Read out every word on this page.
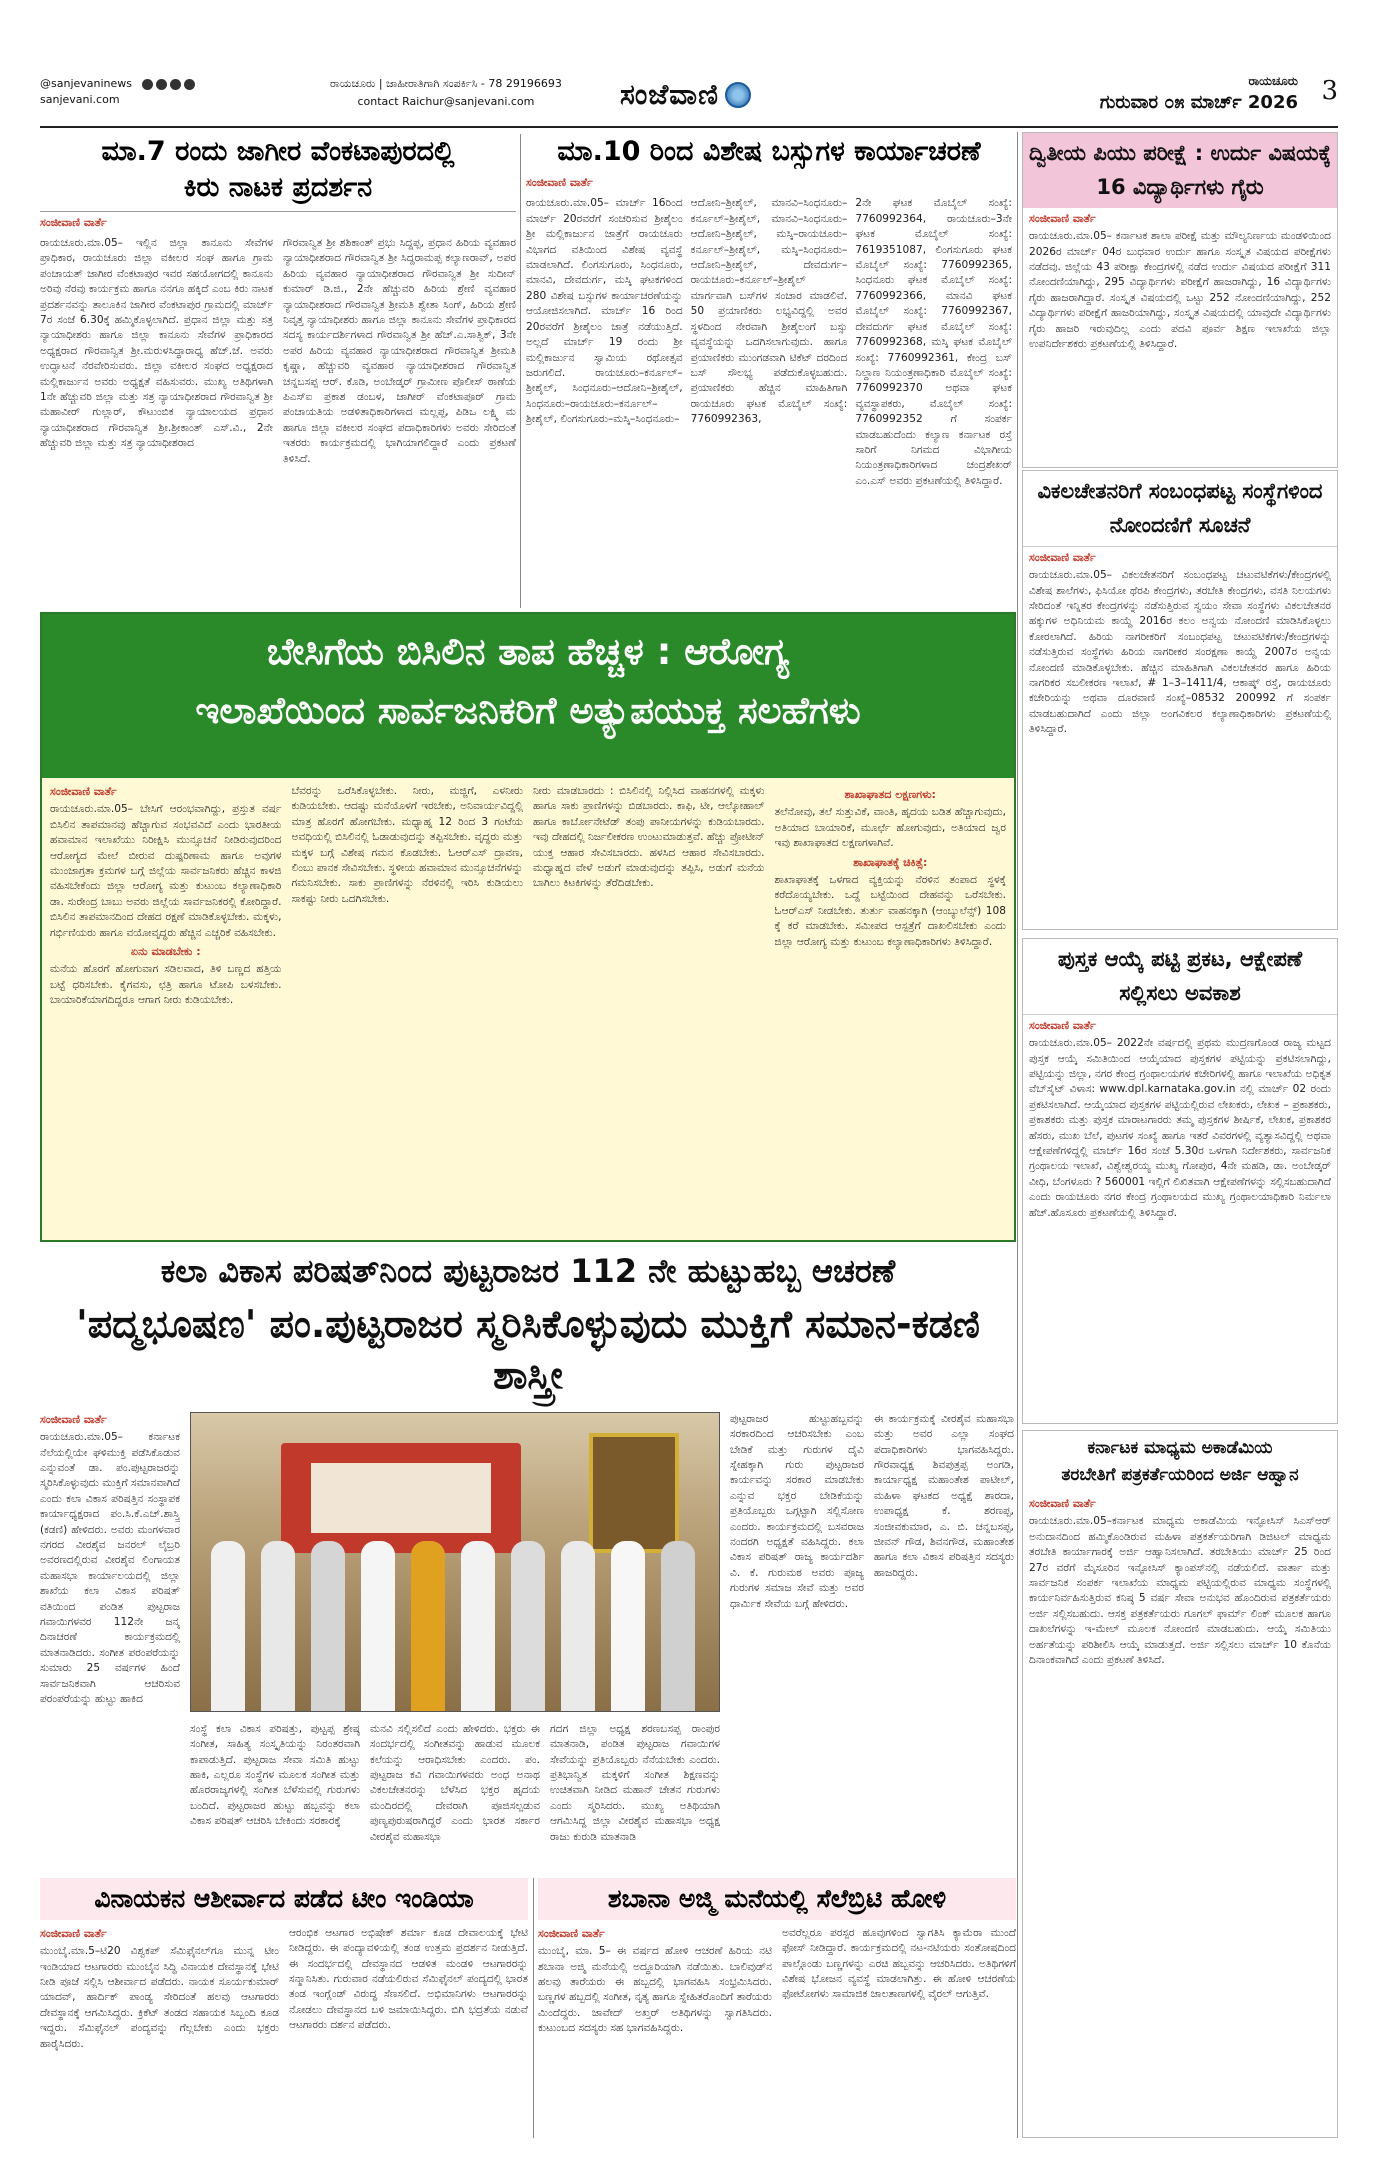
@sanjevaninews
sanjevani.com
ರಾಯಚೂರು | ಜಾಹೀರಾತಿಗಾಗಿ ಸಂಪರ್ಕಿಸಿ - 78 29196693
contact Raichur@sanjevani.com	ಸಂಜೆವಾಣಿ	ರಾಯಚೂರು
ಗುರುವಾರ ೦೫ ಮಾರ್ಚ್ 2026 3
ಮಾ.7 ರಂದು ಜಾಗೀರ ವೆಂಕಟಾಪುರದಲ್ಲಿ
ಕಿರು ನಾಟಕ ಪ್ರದರ್ಶನ
ಸಂಜೀವಾಣಿ ವಾರ್ತೆ
ರಾಯಚೂರು.ಮಾ.05– ಇಲ್ಲಿನ ಜಿಲ್ಲಾ ಕಾನೂನು ಸೇವೆಗಳ ಪ್ರಾಧಿಕಾರ, ರಾಯಚೂರು ಜಿಲ್ಲಾ ವಕೀಲರ ಸಂಘ ಹಾಗೂ ಗ್ರಾಮ ಪಂಚಾಯತ್ ಜಾಗೀರ ವೆಂಕಟಾಪುರ ಇವರ ಸಹಯೋಗದಲ್ಲಿ ಕಾನೂನು ಅರಿವು ನೆರವು ಕಾರ್ಯಕ್ರಮ ಹಾಗೂ ನನಗೂ ಹಕ್ಕಿದೆ ಎಂಬ ಕಿರು ನಾಟಕ ಪ್ರದರ್ಶನವನ್ನು ತಾಲೂಕಿನ ಜಾಗೀರ ವೆಂಕಟಾಪುರ ಗ್ರಾಮದಲ್ಲಿ ಮಾರ್ಚ್ 7ರ ಸಂಜೆ 6.30ಕ್ಕೆ ಹಮ್ಮಿಕೊಳ್ಳಲಾಗಿದೆ. ಪ್ರಧಾನ ಜಿಲ್ಲಾ ಮತ್ತು ಸತ್ರ ನ್ಯಾಯಾಧೀಶರು ಹಾಗೂ ಜಿಲ್ಲಾ ಕಾನೂನು ಸೇವೆಗಳ ಪ್ರಾಧಿಕಾರದ ಅಧ್ಯಕ್ಷರಾದ ಗೌರವಾನ್ವಿತ ಶ್ರೀ.ಮರುಳಸಿದ್ಧಾರಾಧ್ಯ ಹೆಚ್.ಜೆ. ಅವರು ಉದ್ಘಾಟನೆ ನೆರವೇರಿಸುವರು. ಜಿಲ್ಲಾ ವಕೀಲರ ಸಂಘದ ಅಧ್ಯಕ್ಷರಾದ ಮಲ್ಲಿಕಾರ್ಜುನ ಅವರು ಅಧ್ಯಕ್ಷತೆ ವಹಿಸುವರು. ಮುಖ್ಯ ಅತಿಥಿಗಳಾಗಿ 1ನೇ ಹೆಚ್ಚುವರಿ ಜಿಲ್ಲಾ ಮತ್ತು ಸತ್ರ ನ್ಯಾಯಾಧೀಶರಾದ ಗೌರವಾನ್ವಿತ ಶ್ರೀ ಮಹಾವೀರ್ ಗುಲ್ಲಾರ್, ಕೌಟುಂಬಿಕ ನ್ಯಾಯಾಲಯದ ಪ್ರಧಾನ ನ್ಯಾಯಾಧೀಶರಾದ ಗೌರವಾನ್ವಿತ ಶ್ರೀ.ಶ್ರೀಕಾಂತ್ ಎಸ್.ವಿ., 2ನೇ ಹೆಚ್ಚುವರಿ ಜಿಲ್ಲಾ ಮತ್ತು ಸತ್ರ ನ್ಯಾಯಾಧೀಶರಾದ
ಗೌರವಾನ್ವಿತ ಶ್ರೀ ಶಶಿಕಾಂತ್ ಪ್ರಭು ಸಿದ್ದಪ್ಪ, ಪ್ರಧಾನ ಹಿರಿಯ ವ್ಯವಹಾರ ನ್ಯಾಯಾಧೀಶರಾದ ಗೌರವಾನ್ವಿತ ಶ್ರೀ ಸಿದ್ದರಾಮಪ್ಪ ಕಲ್ಯಾಣರಾವ್, ಅಪರ ಹಿರಿಯ ವ್ಯವಹಾರ ನ್ಯಾಯಾಧೀಶರಾದ ಗೌರವಾನ್ವಿತ ಶ್ರೀ ಸುದೀನ್ ಕುಮಾರ್ ಡಿ.ಜಿ., 2ನೇ ಹೆಚ್ಚುವರಿ ಹಿರಿಯ ಶ್ರೇಣಿ ವ್ಯವಹಾರ ನ್ಯಾಯಾಧೀಶರಾದ ಗೌರವಾನ್ವಿತ ಶ್ರೀಮತಿ ಶ್ವೇತಾ ಸಿಂಗ್, ಹಿರಿಯ ಶ್ರೇಣಿ ನಿವೃತ್ತ ನ್ಯಾಯಾಧೀಶರು ಹಾಗೂ ಜಿಲ್ಲಾ ಕಾನೂನು ಸೇವೆಗಳ ಪ್ರಾಧಿಕಾರದ ಸದಸ್ಯ ಕಾರ್ಯದರ್ಶಿಗಳಾದ ಗೌರವಾನ್ವಿತ ಶ್ರೀ ಹೆಚ್.ಎ.ಸಾತ್ವಿಕ್, 3ನೇ ಅಪರ ಹಿರಿಯ ವ್ಯವಹಾರ ನ್ಯಾಯಾಧೀಶರಾದ ಗೌರವಾನ್ವಿತ ಶ್ರೀಮತಿ ಕೃಷ್ಣಾ, ಹೆಚ್ಚುವರಿ ವ್ಯವಹಾರ ನ್ಯಾಯಾಧೀಶರಾದ ಗೌರವಾನ್ವಿತ ಚನ್ನಬಸಪ್ಪ ಆರ್. ಕೊಡಿ, ಅಂಬೇಡ್ಕರ್ ಗ್ರಾಮೀಣ ಪೊಲೀಸ್ ಠಾಣೆಯ ಪಿಎಸ್ಐ ಪ್ರಕಾಶ ಡಂಬಳ, ಜಾಗೀರ್ ವೆಂಕಟಾಪೂರ್ ಗ್ರಾಮ ಪಂಚಾಯತಿಯ ಅಡಳಿತಾಧಿಕಾರಿಗಳಾದ ಮಲ್ಲಪ್ಪ, ಪಿಡಿಒ ಲಕ್ಷ್ಮಿ ಮ ಹಾಗೂ ಜಿಲ್ಲಾ ವಕೀಲರ ಸಂಘದ ಪದಾಧಿಕಾರಿಗಳು ಅವರು ಸೇರಿದಂತೆ ಇತರರು ಕಾರ್ಯಕ್ರಮದಲ್ಲಿ ಭಾಗಿಯಾಗಲಿದ್ದಾರೆ ಎಂದು ಪ್ರಕಟಣೆ ತಿಳಿಸಿದೆ.
ಮಾ.10 ರಿಂದ ವಿಶೇಷ ಬಸ್ಸುಗಳ ಕಾರ್ಯಾಚರಣೆ
ಸಂಜೀವಾಣಿ ವಾರ್ತೆ
ರಾಯಚೂರು.ಮಾ.05– ಮಾರ್ಚ್ 16ರಿಂದ ಮಾರ್ಚ್ 20ರವರೆಗೆ ಸಂಚರಿಸುವ ಶ್ರೀಶೈಲಂ ಶ್ರೀ ಮಲ್ಲಿಕಾರ್ಜುನ ಜಾತ್ರೆಗೆ ರಾಯಚೂರು ವಿಭಾಗದ ವತಿಯಿಂದ ವಿಶೇಷ ವ್ಯವಸ್ಥೆ ಮಾಡಲಾಗಿದೆ. ಲಿಂಗಸುಗೂರು, ಸಿಂಧನೂರು, ಮಾನವಿ, ದೇವದುರ್ಗ, ಮಸ್ಕಿ ಘಟಕಗಳಿಂದ 280 ವಿಶೇಷ ಬಸ್ಸುಗಳ ಕಾರ್ಯಾಚರಣೆಯನ್ನು ಆಯೋಜಿಸಲಾಗಿದೆ. ಮಾರ್ಚ್ 16 ರಿಂದ 20ರವರೆಗೆ ಶ್ರೀಶೈಲಂ ಜಾತ್ರೆ ನಡೆಯುತ್ತಿದೆ. ಅಲ್ಲದೆ ಮಾರ್ಚ್ 19 ರಂದು ಶ್ರೀ ಮಲ್ಲಿಕಾರ್ಜುನ ಸ್ವಾಮಿಯ ರಥೋತ್ಸವ ಜರುಗಲಿದೆ. ರಾಯಚೂರು–ಕರ್ನೂಲ್–ಶ್ರೀಶೈಲ್, ಸಿಂಧನೂರು–ಆದೋನಿ–ಶ್ರೀಶೈಲ್, ಸಿಂಧನೂರು–ರಾಯಚೂರು–ಕರ್ನೂಲ್–ಶ್ರೀಶೈಲ್, ಲಿಂಗಸುಗೂರು–ಮಸ್ಕಿ–ಸಿಂಧನೂರು–
ಆದೋನಿ–ಶ್ರೀಶೈಲ್, ಮಾನವಿ–ಸಿಂಧನೂರು–ಕರ್ನೂಲ್–ಶ್ರೀಶೈಲ್, ಮಾನವಿ–ಸಿಂಧನೂರು–ಆದೋನಿ–ಶ್ರೀಶೈಲ್, ಮಸ್ಕಿ–ರಾಯಚೂರು–ಕರ್ನೂಲ್–ಶ್ರೀಶೈಲ್, ಮಸ್ಕಿ–ಸಿಂಧನೂರು–ಆದೋನಿ–ಶ್ರೀಶೈಲ್, ದೇವದುರ್ಗ–ರಾಯಚೂರು–ಕರ್ನೂಲ್–ಶ್ರೀಶೈಲ್ ಮಾರ್ಗವಾಗಿ ಬಸ್‌ಗಳ ಸಂಚಾರ ಮಾಡಲಿವೆ. 50 ಪ್ರಯಾಣಿಕರು ಲಭ್ಯವಿದ್ದಲ್ಲಿ ಅವರ ಸ್ಥಳದಿಂದ ನೇರವಾಗಿ ಶ್ರೀಶೈಲಂಗೆ ಬಸ್ಸು ವ್ಯವಸ್ಥೆಯನ್ನು ಒದಗಿಸಲಾಗುವುದು. ಹಾಗೂ ಪ್ರಯಾಣಿಕರು ಮುಂಗಡವಾಗಿ ಟಿಕೆಟ್ ದರದಿಂದ ಬಸ್ ಸೌಲಭ್ಯ ಪಡೆದುಕೊಳ್ಳಬಹುದು. ಪ್ರಯಾಣಿಕರು ಹೆಚ್ಚಿನ ಮಾಹಿತಿಗಾಗಿ ರಾಯಚೂರು ಘಟಕ ಮೊಬೈಲ್ ಸಂಖ್ಯೆ: 7760992363,
2ನೇ ಘಟಕ ಮೊಬೈಲ್ ಸಂಖ್ಯೆ: 7760992364, ರಾಯಚೂರು–3ನೇ ಘಟಕ ಮೊಬೈಲ್ ಸಂಖ್ಯೆ: 7619351087, ಲಿಂಗಸುಗೂರು ಘಟಕ ಮೊಬೈಲ್ ಸಂಖ್ಯೆ: 7760992365, ಸಿಂಧನೂರು ಘಟಕ ಮೊಬೈಲ್ ಸಂಖ್ಯೆ: 7760992366, ಮಾನವಿ ಘಟಕ ಮೊಬೈಲ್ ಸಂಖ್ಯೆ: 7760992367, ದೇವದುರ್ಗ ಘಟಕ ಮೊಬೈಲ್ ಸಂಖ್ಯೆ: 7760992368, ಮಸ್ಕಿ ಘಟಕ ಮೊಬೈಲ್ ಸಂಖ್ಯೆ: 7760992361, ಕೇಂದ್ರ ಬಸ್ ನಿಲ್ದಾಣ ನಿಯಂತ್ರಣಾಧಿಕಾರಿ ಮೊಬೈಲ್ ಸಂಖ್ಯೆ: 7760992370 ಅಥವಾ ಘಟಕ ವ್ಯವಸ್ಥಾಪಕರು, ಮೊಬೈಲ್ ಸಂಖ್ಯೆ: 7760992352 ಗೆ ಸಂಪರ್ಕ ಮಾಡಬಹುದೆಂದು ಕಲ್ಯಾಣ ಕರ್ನಾಟಕ ರಸ್ತೆ ಸಾರಿಗೆ ನಿಗಮದ ವಿಭಾಗೀಯ ನಿಯಂತ್ರಣಾಧಿಕಾರಿಗಳಾದ ಚಂದ್ರಶೇಖರ್ ಎಂ.ಎಸ್ ಅವರು ಪ್ರಕಟಣೆಯಲ್ಲಿ ತಿಳಿಸಿದ್ದಾರೆ.
ದ್ವಿತೀಯ ಪಿಯು ಪರೀಕ್ಷೆ : ಉರ್ದು ವಿಷಯಕ್ಕೆ 16 ವಿದ್ಯಾರ್ಥಿಗಳು ಗೈರು
ಸಂಜೀವಾಣಿ ವಾರ್ತೆ
ರಾಯಚೂರು.ಮಾ.05– ಕರ್ನಾಟಕ ಶಾಲಾ ಪರೀಕ್ಷೆ ಮತ್ತು ಮೌಲ್ಯನಿರ್ಣಯ ಮಂಡಳಿಯಿಂದ 2026ರ ಮಾರ್ಚ್ 04ರ ಬುಧವಾರ ಉರ್ದು ಹಾಗೂ ಸಂಸ್ಕೃತ ವಿಷಯದ ಪರೀಕ್ಷೆಗಳು ನಡೆದವು. ಜಿಲ್ಲೆಯ 43 ಪರೀಕ್ಷಾ ಕೇಂದ್ರಗಳಲ್ಲಿ ನಡೆದ ಉರ್ದು ವಿಷಯದ ಪರೀಕ್ಷೆಗೆ 311 ನೋಂದಣಿಯಾಗಿದ್ದು, 295 ವಿದ್ಯಾರ್ಥಿಗಳು ಪರೀಕ್ಷೆಗೆ ಹಾಜರಾಗಿದ್ದು, 16 ವಿದ್ಯಾರ್ಥಿಗಳು ಗೈರು ಹಾಜರಾಗಿದ್ದಾರೆ. ಸಂಸ್ಕೃತ ವಿಷಯದಲ್ಲಿ ಒಟ್ಟು 252 ನೋಂದಣಿಯಾಗಿದ್ದು, 252 ವಿದ್ಯಾರ್ಥಿಗಳು ಪರೀಕ್ಷೆಗೆ ಹಾಜರಿಯಾಗಿದ್ದು, ಸಂಸ್ಕೃತ ವಿಷಯದಲ್ಲಿ ಯಾವುದೇ ವಿದ್ಯಾರ್ಥಿಗಳು ಗೈರು ಹಾಜರಿ ಇರುವುದಿಲ್ಲ ಎಂದು ಪದವಿ ಪೂರ್ವ ಶಿಕ್ಷಣ ಇಲಾಖೆಯ ಜಿಲ್ಲಾ ಉಪನಿರ್ದೇಶಕರು ಪ್ರಕಟಣೆಯಲ್ಲಿ ತಿಳಿಸಿದ್ದಾರೆ.
ವಿಕಲಚೇತನರಿಗೆ ಸಂಬಂಧಪಟ್ಟ ಸಂಸ್ಥೆಗಳಿಂದ ನೋಂದಣಿಗೆ ಸೂಚನೆ
ಸಂಜೀವಾಣಿ ವಾರ್ತೆ
ರಾಯಚೂರು.ಮಾ.05– ವಿಕಲಚೇತನರಿಗೆ ಸಂಬಂಧಪಟ್ಟ ಚಟುವಟಿಕೆಗಳು/ಕೇಂದ್ರಗಳಲ್ಲಿ ವಿಶೇಷ ಶಾಲೆಗಳು, ಫಿಸಿಯೋ ಥೆರಪಿ ಕೇಂದ್ರಗಳು, ತರಬೇತಿ ಕೇಂದ್ರಗಳು, ವಸತಿ ನಿಲಯಗಳು ಸೇರಿದಂತೆ ಇನ್ನಿತರ ಕೇಂದ್ರಗಳನ್ನು ನಡೆಸುತ್ತಿರುವ ಸ್ವಯಂ ಸೇವಾ ಸಂಸ್ಥೆಗಳು ವಿಕಲಚೇತನರ ಹಕ್ಕುಗಳ ಅಧಿನಿಯಮ ಕಾಯ್ದೆ 2016ರ ಕಲಂ ಅನ್ವಯ ನೋಂದಣಿ ಮಾಡಿಸಿಕೊಳ್ಳಲು ಕೋರಲಾಗಿದೆ. ಹಿರಿಯ ನಾಗರೀಕರಿಗೆ ಸಂಬಂಧಪಟ್ಟ ಚಟುವಟಿಕೆಗಳು/ಕೇಂದ್ರಗಳನ್ನು ನಡೆಸುತ್ತಿರುವ ಸಂಸ್ಥೆಗಳು ಹಿರಿಯ ನಾಗರೀಕರ ಸಂರಕ್ಷಣಾ ಕಾಯ್ದೆ 2007ರ ಅನ್ವಯ ನೋಂದಣಿ ಮಾಡಿಕೊಳ್ಳಬೇಕು. ಹೆಚ್ಚಿನ ಮಾಹಿತಿಗಾಗಿ ವಿಕಲಚೇತನರ ಹಾಗೂ ಹಿರಿಯ ನಾಗರಿಕರ ಸಬಲೀಕರಣ ಇಲಾಖೆ, # 1–3–1411/4, ಆಕಾಷ್ಕ್ ರಸ್ತೆ, ರಾಯಚೂರು ಕಚೇರಿಯನ್ನು ಅಥವಾ ದೂರವಾಣಿ ಸಂಖ್ಯೆ–08532 200992 ಗೆ ಸಂಪರ್ಕ ಮಾಡಬಹುದಾಗಿದೆ ಎಂದು ಜಿಲ್ಲಾ ಅಂಗವಿಕಲರ ಕಲ್ಯಾಣಾಧಿಕಾರಿಗಳು ಪ್ರಕಟಣೆಯಲ್ಲಿ ತಿಳಿಸಿದ್ದಾರೆ.
ಪುಸ್ತಕ ಆಯ್ಕೆ ಪಟ್ಟಿ ಪ್ರಕಟ, ಆಕ್ಷೇಪಣೆ ಸಲ್ಲಿಸಲು ಅವಕಾಶ
ಸಂಜೀವಾಣಿ ವಾರ್ತೆ
ರಾಯಚೂರು.ಮಾ.05– 2022ನೇ ವರ್ಷದಲ್ಲಿ ಪ್ರಥಮ ಮುದ್ರಣಗೊಂಡ ರಾಜ್ಯ ಮಟ್ಟದ ಪುಸ್ತಕ ಆಯ್ಕೆ ಸಮಿತಿಯಿಂದ ಆಯ್ಕೆಯಾದ ಪುಸ್ತಕಗಳ ಪಟ್ಟಿಯನ್ನು ಪ್ರಕಟಿಸಲಾಗಿದ್ದು, ಪಟ್ಟಿಯನ್ನು ಜಿಲ್ಲಾ, ನಗರ ಕೇಂದ್ರ ಗ್ರಂಥಾಲಯಗಳ ಕಚೇರಿಗಳಲ್ಲಿ ಹಾಗೂ ಇಲಾಖೆಯ ಅಧಿಕೃತ ವೆಬ್‌ಸೈಟ್ ವಿಳಾಸ: www.dpl.karnataka.gov.in ನಲ್ಲಿ ಮಾರ್ಚ್ 02 ರಂದು ಪ್ರಕಟಿಸಲಾಗಿದೆ. ಆಯ್ಕೆಯಾದ ಪುಸ್ತಕಗಳ ಪಟ್ಟಿಯಲ್ಲಿರುವ ಲೇಖಕರು, ಲೇಖಕ – ಪ್ರಕಾಶಕರು, ಪ್ರಕಾಶಕರು ಮತ್ತು ಪುಸ್ತಕ ಮಾರಾಟಗಾರರು ತಮ್ಮ ಪುಸ್ತಕಗಳ ಶೀರ್ಷಿಕೆ, ಲೇಖಕ, ಪ್ರಕಾಶಕರ ಹೆಸರು, ಮುಖ ಬೆಲೆ, ಪುಟಗಳ ಸಂಖ್ಯೆ ಹಾಗೂ ಇತರೆ ವಿವರಗಳಲ್ಲಿ ವ್ಯತ್ಯಾಸವಿದ್ದಲ್ಲಿ ಅಥವಾ ಆಕ್ಷೇಪಣೆಗಳಿದ್ದಲ್ಲಿ ಮಾರ್ಚ್ 16ರ ಸಂಜೆ 5.30ರ ಒಳಗಾಗಿ ನಿರ್ದೇಶಕರು, ಸಾರ್ವಜನಿಕ ಗ್ರಂಥಾಲಯ ಇಲಾಖೆ, ವಿಶ್ವೇಶ್ವರಯ್ಯ ಮುಖ್ಯ ಗೋಪುರ, 4ನೇ ಮಹಡಿ, ಡಾ. ಅಂಬೇಡ್ಕರ್ ವೀಧಿ, ಬೆಂಗಳೂರು ? 560001 ಇಲ್ಲಿಗೆ ಲಿಖಿತವಾಗಿ ಆಕ್ಷೇಪಣೆಗಳನ್ನು ಸಲ್ಲಿಸಬಹುದಾಗಿದೆ ಎಂದು ರಾಯಚೂರು ನಗರ ಕೇಂದ್ರ ಗ್ರಂಥಾಲಯದ ಮುಖ್ಯ ಗ್ರಂಥಾಲಯಾಧಿಕಾರಿ ನಿರ್ಮಲಾ ಹೆಚ್.ಹೊಸೂರು ಪ್ರಕಟಣೆಯಲ್ಲಿ ತಿಳಿಸಿದ್ದಾರೆ.
ಕರ್ನಾಟಕ ಮಾಧ್ಯಮ ಅಕಾಡೆಮಿಯ
ತರಬೇತಿಗೆ ಪತ್ರಕರ್ತೆಯರಿಂದ ಅರ್ಜಿ ಆಹ್ವಾನ
ಸಂಜೀವಾಣಿ ವಾರ್ತೆ
ರಾಯಚೂರು.ಮಾ.05–ಕರ್ನಾಟಕ ಮಾಧ್ಯಮ ಅಕಾಡೆಮಿಯ ಇನ್ಫೋಸಿಸ್ ಸಿಎಸ್ಆರ್ ಅನುದಾನದಿಂದ ಹಮ್ಮಿಕೊಂಡಿರುವ ಮಹಿಳಾ ಪತ್ರಕರ್ತೆಯರಿಗಾಗಿ ಡಿಜಿಟಲ್ ಮಾಧ್ಯಮ ತರಬೇತಿ ಕಾರ್ಯಾಗಾರಕ್ಕೆ ಅರ್ಜಿ ಆಹ್ವಾನಿಸಲಾಗಿದೆ. ತರಬೇತಿಯು ಮಾರ್ಚ್ 25 ರಿಂದ 27ರ ವರೆಗೆ ಮೈಸೂರಿನ ಇನ್ಫೋಸಿಸ್ ಕ್ಯಾಂಪಸ್‌ನಲ್ಲಿ ನಡೆಯಲಿದೆ. ವಾರ್ತಾ ಮತ್ತು ಸಾರ್ವಜನಿಕ ಸಂಪರ್ಕ ಇಲಾಖೆಯ ಮಾಧ್ಯಮ ಪಟ್ಟಿಯಲ್ಲಿರುವ ಮಾಧ್ಯಮ ಸಂಸ್ಥೆಗಳಲ್ಲಿ ಕಾರ್ಯನಿರ್ವಹಿಸುತ್ತಿರುವ ಕನಿಷ್ಠ 5 ವರ್ಷ ಸೇವಾ ಅನುಭವ ಹೊಂದಿರುವ ಪತ್ರಕರ್ತೆಯರು ಅರ್ಜಿ ಸಲ್ಲಿಸಬಹುದು. ಆಸಕ್ತ ಪತ್ರಕರ್ತೆಯರು ಗೂಗಲ್ ಫಾರ್ಮ್ ಲಿಂಕ್ ಮೂಲಕ ಹಾಗೂ ದಾಖಲೆಗಳನ್ನು ಇ-ಮೇಲ್ ಮೂಲಕ ನೋಂದಣಿ ಮಾಡಬಹುದು. ಆಯ್ಕೆ ಸಮಿತಿಯು ಅರ್ಹತೆಯನ್ನು ಪರಿಶೀಲಿಸಿ ಆಯ್ಕೆ ಮಾಡುತ್ತದೆ. ಅರ್ಜಿ ಸಲ್ಲಿಸಲು ಮಾರ್ಚ್ 10 ಕೊನೆಯ ದಿನಾಂಕವಾಗಿದೆ ಎಂದು ಪ್ರಕಟಣೆ ತಿಳಿಸಿದೆ.
ಬೇಸಿಗೆಯ ಬಿಸಿಲಿನ ತಾಪ ಹೆಚ್ಚಳ : ಆರೋಗ್ಯ
ಇಲಾಖೆಯಿಂದ ಸಾರ್ವಜನಿಕರಿಗೆ ಅತ್ಯುಪಯುಕ್ತ ಸಲಹೆಗಳು
ಸಂಜೀವಾಣಿ ವಾರ್ತೆ
ರಾಯಚೂರು.ಮಾ.05– ಬೇಸಿಗೆ ಆರಂಭವಾಗಿದ್ದು, ಪ್ರಸ್ತುತ ವರ್ಷ ಬಿಸಿಲಿನ ತಾಪಮಾನವು ಹೆಚ್ಚಾಗುವ ಸಂಭವವಿದೆ ಎಂದು ಭಾರತೀಯ ಹವಾಮಾನ ಇಲಾಖೆಯು ನಿರೀಕ್ಷಿಸಿ ಮುನ್ಸೂಚನೆ ನೀಡಿರುವುದರಿಂದ ಆರೋಗ್ಯದ ಮೇಲೆ ಬೀರುವ ದುಷ್ಪರಿಣಾಮ ಹಾಗೂ ಅವುಗಳ ಮುಂಜಾಗ್ರತಾ ಕ್ರಮಗಳ ಬಗ್ಗೆ ಜಿಲ್ಲೆಯ ಸಾರ್ವಜನಿಕರು ಹೆಚ್ಚಿನ ಕಾಳಜಿ ವಹಿಸಬೇಕೆಂದು ಜಿಲ್ಲಾ ಆರೋಗ್ಯ ಮತ್ತು ಕುಟುಂಬ ಕಲ್ಯಾಣಾಧಿಕಾರಿ ಡಾ. ಸುರೇಂದ್ರ ಬಾಬು ಅವರು ಜಿಲ್ಲೆಯ ಸಾರ್ವಜನಿಕರಲ್ಲಿ ಕೋರಿದ್ದಾರೆ. ಬಿಸಿಲಿನ ತಾಪಮಾನದಿಂದ ದೇಹದ ರಕ್ಷಣೆ ಮಾಡಿಕೊಳ್ಳಬೇಕು. ಮಕ್ಕಳು, ಗರ್ಭಿಣಿಯರು ಹಾಗೂ ವಯೋವೃದ್ಧರು ಹೆಚ್ಚಿನ ಎಚ್ಚರಿಕೆ ವಹಿಸಬೇಕು.
ಏನು ಮಾಡಬೇಕು :
ಮನೆಯ ಹೊರಗೆ ಹೋಗುವಾಗ ಸಡಿಲವಾದ, ತಿಳಿ ಬಣ್ಣದ ಹತ್ತಿಯ ಬಟ್ಟೆ ಧರಿಸಬೇಕು. ಕೈಗವಸು, ಛತ್ರಿ ಹಾಗೂ ಟೋಪಿ ಬಳಸಬೇಕು. ಬಾಯಾರಿಕೆಯಾಗದಿದ್ದರೂ ಆಗಾಗ ನೀರು ಕುಡಿಯಬೇಕು.
ಬೆವರನ್ನು ಒರೆಸಿಕೊಳ್ಳಬೇಕು. ನೀರು, ಮಜ್ಜಿಗೆ, ಎಳನೀರು ಕುಡಿಯಬೇಕು. ಆದಷ್ಟು ಮನೆಯೊಳಗೆ ಇರಬೇಕು, ಅನಿವಾರ್ಯವಿದ್ದಲ್ಲಿ ಮಾತ್ರ ಹೊರಗೆ ಹೋಗಬೇಕು. ಮಧ್ಯಾಹ್ನ 12 ರಿಂದ 3 ಗಂಟೆಯ ಅವಧಿಯಲ್ಲಿ ಬಿಸಿಲಿನಲ್ಲಿ ಓಡಾಡುವುದನ್ನು ತಪ್ಪಿಸಬೇಕು. ವೃದ್ಧರು ಮತ್ತು ಮಕ್ಕಳ ಬಗ್ಗೆ ವಿಶೇಷ ಗಮನ ಕೊಡಬೇಕು. ಓಆರ್‌ಎಸ್ ದ್ರಾವಣ, ಲಿಂಬು ಪಾನಕ ಸೇವಿಸಬೇಕು. ಸ್ಥಳೀಯ ಹವಾಮಾನ ಮುನ್ಸೂಚನೆಗಳನ್ನು ಗಮನಿಸಬೇಕು. ಸಾಕು ಪ್ರಾಣಿಗಳನ್ನು ನೆರಳಿನಲ್ಲಿ ಇರಿಸಿ ಕುಡಿಯಲು ಸಾಕಷ್ಟು ನೀರು ಒದಗಿಸಬೇಕು.
ನೀರು ಮಾಡಬಾರದು : ಬಿಸಿಲಿನಲ್ಲಿ ನಿಲ್ಲಿಸಿದ ವಾಹನಗಳಲ್ಲಿ ಮಕ್ಕಳು ಹಾಗೂ ಸಾಕು ಪ್ರಾಣಿಗಳನ್ನು ಬಿಡಬಾರದು. ಕಾಫಿ, ಟೀ, ಆಲ್ಕೋಹಾಲ್ ಹಾಗೂ ಕಾರ್ಬೋನೇಟೆಡ್ ತಂಪು ಪಾನೀಯಗಳನ್ನು ಕುಡಿಯಬಾರದು. ಇವು ದೇಹದಲ್ಲಿ ನಿರ್ಜಲೀಕರಣ ಉಂಟುಮಾಡುತ್ತವೆ. ಹೆಚ್ಚು ಪ್ರೋಟೀನ್ ಯುಕ್ತ ಆಹಾರ ಸೇವಿಸಬಾರದು. ಹಳಸಿದ ಆಹಾರ ಸೇವಿಸಬಾರದು. ಮಧ್ಯಾಹ್ನದ ವೇಳೆ ಅಡುಗೆ ಮಾಡುವುದನ್ನು ತಪ್ಪಿಸಿ, ಅಡುಗೆ ಮನೆಯ ಬಾಗಿಲು ಕಿಟಕಿಗಳನ್ನು ತೆರೆದಿಡಬೇಕು.
ಶಾಖಾಘಾತದ ಲಕ್ಷಣಗಳು:
ತಲೆನೋವು, ತಲೆ ಸುತ್ತುವಿಕೆ, ವಾಂತಿ, ಹೃದಯ ಬಡಿತ ಹೆಚ್ಚಾಗುವುದು, ಅತಿಯಾದ ಬಾಯಾರಿಕೆ, ಮೂರ್ಛೆ ಹೋಗುವುದು, ಅತಿಯಾದ ಜ್ವರ ಇವು ಶಾಖಾಘಾತದ ಲಕ್ಷಣಗಳಾಗಿವೆ.
ಶಾಖಾಘಾತಕ್ಕೆ ಚಿಕಿತ್ಸೆ:
ಶಾಖಾಘಾತಕ್ಕೆ ಒಳಗಾದ ವ್ಯಕ್ತಿಯನ್ನು ನೆರಳಿನ ತಂಪಾದ ಸ್ಥಳಕ್ಕೆ ಕರೆದೊಯ್ಯಬೇಕು. ಒದ್ದೆ ಬಟ್ಟೆಯಿಂದ ದೇಹವನ್ನು ಒರೆಸಬೇಕು. ಓಆರ್‌ಎಸ್ ನೀಡಬೇಕು. ತುರ್ತು ವಾಹನಕ್ಕಾಗಿ (ಆಂಬ್ಯುಲೆನ್ಸ್) 108 ಕ್ಕೆ ಕರೆ ಮಾಡಬೇಕು. ಸಮೀಪದ ಆಸ್ಪತ್ರೆಗೆ ದಾಖಲಿಸಬೇಕು ಎಂದು ಜಿಲ್ಲಾ ಆರೋಗ್ಯ ಮತ್ತು ಕುಟುಂಬ ಕಲ್ಯಾಣಾಧಿಕಾರಿಗಳು ತಿಳಿಸಿದ್ದಾರೆ.
ಕಲಾ ವಿಕಾಸ ಪರಿಷತ್‌ನಿಂದ ಪುಟ್ಟರಾಜರ 112 ನೇ ಹುಟ್ಟುಹಬ್ಬ ಆಚರಣೆ
'ಪದ್ಮಭೂಷಣ' ಪಂ.ಪುಟ್ಟರಾಜರ ಸ್ಮರಿಸಿಕೊಳ್ಳುವುದು ಮುಕ್ತಿಗೆ ಸಮಾನ-ಕಡಣಿ ಶಾಸ್ತ್ರೀ
ಸಂಜೀವಾಣಿ ವಾರ್ತೆ
ರಾಯಚೂರು.ಮಾ.05– ಕರ್ನಾಟಕ ನೆಲೆಯಲ್ಲಿಯೇ ಘಳಿಮುಕ್ತಿ ಪಡೆಸಿಕೊಡುವ ಎನ್ನುವಂತೆ ಡಾ. ಪಂ.ಪುಟ್ಟರಾಜರನ್ನು ಸ್ಮರಿಸಿಕೊಳ್ಳುವುದು ಮುಕ್ತಿಗೆ ಸಮಾನವಾಗಿದೆ ಎಂದು ಕಲಾ ವಿಕಾಸ ಪರಿಷತ್ತಿನ ಸಂಸ್ಥಾಪಕ ಕಾರ್ಯಾಧ್ಯಕ್ಷರಾದ ಪಂ.ಸಿ.ಕೆ.ಎಚ್.ಶಾಸ್ತ್ರಿ (ಕಡಣಿ) ಹೇಳಿದರು. ಅವರು ಮಂಗಳವಾರ ನಗರದ ವೀರಶೈವ ಜನರಲ್ ಲೈಬ್ರರಿ ಅವರಣದಲ್ಲಿರುವ ವೀರಶೈವ ಲಿಂಗಾಯತ ಮಹಾಸಭಾ ಕಾರ್ಯಾಲಯದಲ್ಲಿ ಜಿಲ್ಲಾ ಶಾಖೆಯ ಕಲಾ ವಿಕಾಸ ಪರಿಷತ್ ವತಿಯಿಂದ ಪಂಡಿತ ಪುಟ್ಟರಾಜ ಗವಾಯಿಗಳವರ 112ನೇ ಜನ್ಮ ದಿನಾಚರಣೆ ಕಾರ್ಯಕ್ರಮದಲ್ಲಿ ಮಾತನಾಡಿದರು. ಸಂಗೀತ ಪರಂಪರೆಯನ್ನು ಸುಮಾರು 25 ವರ್ಷಗಳ ಹಿಂದೆ ಸಾರ್ವಜನಿಕವಾಗಿ ಆಚರಿಸುವ ಪರಂಪರೆಯನ್ನು ಹುಟ್ಟು ಹಾಕಿದ
ಸಂಸ್ಥೆ ಕಲಾ ವಿಕಾಸ ಪರಿಷತ್ತು, ಪುಟ್ಟಪ್ಪ ಶ್ರೇಷ್ಠ ಸಂಗೀತ, ಸಾಹಿತ್ಯ ಸಂಸ್ಕೃತಿಯನ್ನು ನಿರಂತರವಾಗಿ ಕಾಪಾಡುತ್ತಿದೆ. ಪುಟ್ಟರಾಜ ಸೇವಾ ಸಮಿತಿ ಹುಟ್ಟು ಹಾಕಿ, ಎಲ್ಲರೂ ಸಂಸ್ಥೆಗಳ ಮೂಲಕ ಸಂಗೀತ ಮತ್ತು ಹೊರರಾಜ್ಯಗಳಲ್ಲಿ ಸಂಗೀತ ಬೆಳೆಸುವಲ್ಲಿ ಗುರುಗಳು ಬಂದಿದೆ. ಪುಟ್ಟರಾಜರ ಹುಟ್ಟು ಹಬ್ಬವನ್ನು ಕಲಾ ವಿಕಾಸ ಪರಿಷತ್ ಆಚರಿಸಿ ಬೇಕಿಂದು ಸರಕಾರಕ್ಕೆ
ಮನವಿ ಸಲ್ಲಿಸಲಿದೆ ಎಂದು ಹೇಳಿದರು. ಭಕ್ತರು ಈ ಸಂದರ್ಭದಲ್ಲಿ ಸಂಗೀತವನ್ನು ಹಾಡುವ ಮೂಲಕ ಕಲೆಯನ್ನು ಆರಾಧಿಸಬೇಕು ಎಂದರು. ಪಂ. ಪುಟ್ಟರಾಜ ಕವಿ ಗವಾಯಿಗಳವರು ಅಂಧ ಅನಾಥ ವಿಕಲಚೇತನರನ್ನು ಬೆಳೆಸಿದ ಭಕ್ತರ ಹೃದಯ ಮಂದಿರದಲ್ಲಿ ದೇವರಾಗಿ ಪೂಜಿಸಲ್ಪಡುವ ಪುಣ್ಯಪುರುಷರಾಗಿದ್ದರೆ ಎಂದು ಭಾರತ ಸರ್ಕಾರ ವೀರಶೈವ ಮಹಾಸಭಾ
ಗದಗ ಜಿಲ್ಲಾ ಅಧ್ಯಕ್ಷ ಶರಣಬಸಪ್ಪ ರಾಂಪುರ ಮಾತನಾಡಿ, ಪಂಡಿತ ಪುಟ್ಟರಾಜ ಗವಾಯಿಗಳ ಸೇವೆಯನ್ನು ಪ್ರತಿಯೊಬ್ಬರು ನೆನೆಯಬೇಕು ಎಂದರು. ಪ್ರತಿಭಾನ್ವಿತ ಮಕ್ಕಳಿಗೆ ಸಂಗೀತ ಶಿಕ್ಷಣವನ್ನು ಉಚಿತವಾಗಿ ನೀಡಿದ ಮಹಾನ್ ಚೇತನ ಗುರುಗಳು ಎಂದು ಸ್ಮರಿಸಿದರು. ಮುಖ್ಯ ಅತಿಥಿಯಾಗಿ ಆಗಮಿಸಿದ್ದ ಜಿಲ್ಲಾ ವೀರಶೈವ ಮಹಾಸಭಾ ಅಧ್ಯಕ್ಷ ರಾಜು ಕುರುಡಿ ಮಾತನಾಡಿ
ಪುಟ್ಟರಾಜರ ಹುಟ್ಟುಹಬ್ಬವನ್ನು ಸರಕಾರದಿಂದ ಆಚರಿಸಬೇಕು ಎಂಬ ಬೇಡಿಕೆ ಮತ್ತು ಗುರುಗಳ ದೈವಿ ಸ್ನೇಹಕ್ಕಾಗಿ ಗುರು ಪುಟ್ಟರಾಜರ ಕಾರ್ಯವನ್ನು ಸರಕಾರ ಮಾಡಬೇಕು ಎನ್ನುವ ಭಕ್ತರ ಬೇಡಿಕೆಯನ್ನು ಪ್ರತಿಯೊಬ್ಬರು ಒಗ್ಗಟ್ಟಾಗಿ ಸಲ್ಲಿಸೋಣ ಎಂದರು. ಕಾರ್ಯಕ್ರಮದಲ್ಲಿ ಬಸವರಾಜ ನಂದರಗಿ ಅಧ್ಯಕ್ಷತೆ ವಹಿಸಿದ್ದರು. ಕಲಾ ವಿಕಾಸ ಪರಿಷತ್ ರಾಜ್ಯ ಕಾರ್ಯದರ್ಶಿ ವಿ. ಕೆ. ಗುರುಮಠ ಅವರು ಪೂಜ್ಯ ಗುರುಗಳ ಸಮಾಜ ಸೇವೆ ಮತ್ತು ಅವರ ಧಾರ್ಮಿಕ ಸೇವೆಯ ಬಗ್ಗೆ ಹೇಳಿದರು.
ಈ ಕಾರ್ಯಕ್ರಮಕ್ಕೆ ವೀರಶೈವ ಮಹಾಸಭಾ ಮತ್ತು ಅವರ ಎಲ್ಲಾ ಸಂಘದ ಪದಾಧಿಕಾರಿಗಳು ಭಾಗವಹಿಸಿದ್ದರು. ಗೌರವಾಧ್ಯಕ್ಷ ಶಿವಪುತ್ರಪ್ಪ ಅಂಗಡಿ, ಕಾರ್ಯಾಧ್ಯಕ್ಷ ಮಹಾಂತೇಶ ಪಾಟೀಲ್, ಮಹಿಳಾ ಘಟಕದ ಅಧ್ಯಕ್ಷೆ ಶಾರದಾ, ಉಪಾಧ್ಯಕ್ಷ ಕೆ. ಶರಣಪ್ಪ, ಸಂಜೀವಕುಮಾರ, ಎ. ಬಿ. ಚನ್ನಬಸಪ್ಪ, ಜೀವನ್ ಗೌಡ, ಶಿವನಗೌಡ, ಮಹಾಂತೇಶ ಹಾಗೂ ಕಲಾ ವಿಕಾಸ ಪರಿಷತ್ತಿನ ಸದಸ್ಯರು ಹಾಜರಿದ್ದರು.
ವಿನಾಯಕನ ಆಶೀರ್ವಾದ ಪಡೆದ ಟೀಂ ಇಂಡಿಯಾ
ಸಂಜೀವಾಣಿ ವಾರ್ತೆ
ಮುಂಬೈ.ಮಾ.5–ಟಿ20 ವಿಶ್ವಕಪ್ ಸೆಮಿಫೈನಲ್‌ಗೂ ಮುನ್ನ ಟೀಂ ಇಂಡಿಯಾದ ಆಟಗಾರರು ಮುಂಬೈನ ಸಿದ್ಧಿ ವಿನಾಯಕ ದೇವಸ್ಥಾನಕ್ಕೆ ಭೇಟಿ ನೀಡಿ ಪೂಜೆ ಸಲ್ಲಿಸಿ ಆಶೀರ್ವಾದ ಪಡೆದರು. ನಾಯಕ ಸೂರ್ಯಕುಮಾರ್ ಯಾದವ್, ಹಾರ್ದಿಕ್ ಪಾಂಡ್ಯ ಸೇರಿದಂತೆ ಹಲವು ಆಟಗಾರರು ದೇವಸ್ಥಾನಕ್ಕೆ ಆಗಮಿಸಿದ್ದರು. ಕ್ರಿಕೆಟ್ ತಂಡದ ಸಹಾಯಕ ಸಿಬ್ಬಂದಿ ಕೂಡ ಇದ್ದರು. ಸೆಮಿಫೈನಲ್ ಪಂದ್ಯವನ್ನು ಗೆಲ್ಲಬೇಕು ಎಂದು ಭಕ್ತರು ಹಾರೈಸಿದರು.
ಆರಂಭಿಕ ಆಟಗಾರ ಅಭಿಷೇಕ್ ಶರ್ಮಾ ಕೂಡ ದೇವಾಲಯಕ್ಕೆ ಭೇಟಿ ನೀಡಿದ್ದರು. ಈ ಪಂದ್ಯಾವಳಿಯಲ್ಲಿ ತಂಡ ಉತ್ತಮ ಪ್ರದರ್ಶನ ನೀಡುತ್ತಿದೆ. ಈ ಸಂದರ್ಭದಲ್ಲಿ ದೇವಸ್ಥಾನದ ಆಡಳಿತ ಮಂಡಳಿ ಆಟಗಾರರನ್ನು ಸನ್ಮಾನಿಸಿತು. ಗುರುವಾರ ನಡೆಯಲಿರುವ ಸೆಮಿಫೈನಲ್ ಪಂದ್ಯದಲ್ಲಿ ಭಾರತ ತಂಡ ಇಂಗ್ಲೆಂಡ್ ವಿರುದ್ಧ ಸೆಣಸಲಿದೆ. ಅಭಿಮಾನಿಗಳು ಆಟಗಾರರನ್ನು ನೋಡಲು ದೇವಸ್ಥಾನದ ಬಳಿ ಜಮಾಯಿಸಿದ್ದರು. ಬಿಗಿ ಭದ್ರತೆಯ ನಡುವೆ ಆಟಗಾರರು ದರ್ಶನ ಪಡೆದರು.
ಶಬಾನಾ ಅಜ್ಮಿ ಮನೆಯಲ್ಲಿ ಸೆಲೆಬ್ರಿಟಿ ಹೋಳಿ
ಸಂಜೀವಾಣಿ ವಾರ್ತೆ
ಮುಂಬೈ, ಮಾ. 5– ಈ ವರ್ಷದ ಹೋಳಿ ಆಚರಣೆ ಹಿರಿಯ ನಟಿ ಶಬಾನಾ ಅಜ್ಮಿ ಮನೆಯಲ್ಲಿ ಅದ್ಧೂರಿಯಾಗಿ ನಡೆಯಿತು. ಬಾಲಿವುಡ್‌ನ ಹಲವು ತಾರೆಯರು ಈ ಹಬ್ಬದಲ್ಲಿ ಭಾಗವಹಿಸಿ ಸಂಭ್ರಮಿಸಿದರು. ಬಣ್ಣಗಳ ಹಬ್ಬದಲ್ಲಿ ಸಂಗೀತ, ನೃತ್ಯ ಹಾಗೂ ಸ್ನೇಹಿತರೊಂದಿಗೆ ತಾರೆಯರು ಮಿಂದೆದ್ದರು. ಜಾವೇದ್ ಅಖ್ತರ್ ಅತಿಥಿಗಳನ್ನು ಸ್ವಾಗತಿಸಿದರು. ಕುಟುಂಬದ ಸದಸ್ಯರು ಸಹ ಭಾಗವಹಿಸಿದ್ದರು.
ಅವರೆಲ್ಲರೂ ಪರಸ್ಪರ ಹೂವುಗಳಿಂದ ಸ್ವಾಗತಿಸಿ ಕ್ಯಾಮೆರಾ ಮುಂದೆ ಫೋಸ್ ನೀಡಿದ್ದಾರೆ. ಕಾರ್ಯಕ್ರಮದಲ್ಲಿ ನಟ-ನಟಿಯರು ಸಂತೋಷದಿಂದ ಪಾಲ್ಗೊಂಡು ಬಣ್ಣಗಳನ್ನು ಎರಚಿ ಹಬ್ಬವನ್ನು ಆಚರಿಸಿದರು. ಅತಿಥಿಗಳಿಗೆ ವಿಶೇಷ ಭೋಜನ ವ್ಯವಸ್ಥೆ ಮಾಡಲಾಗಿತ್ತು. ಈ ಹೋಳಿ ಆಚರಣೆಯ ಫೋಟೋಗಳು ಸಾಮಾಜಿಕ ಜಾಲತಾಣಗಳಲ್ಲಿ ವೈರಲ್ ಆಗುತ್ತಿವೆ.
